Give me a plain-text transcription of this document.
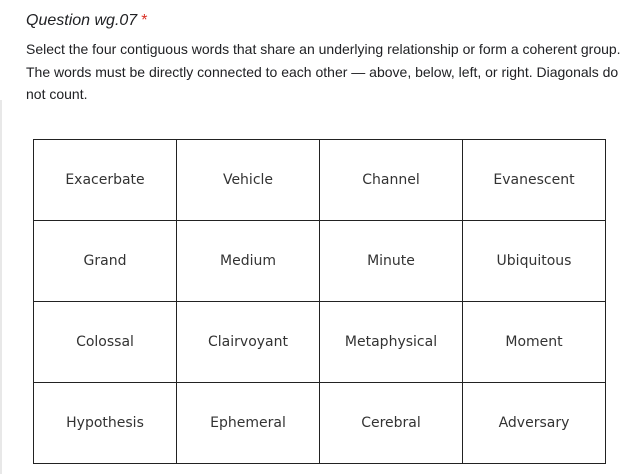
Question wg.07 *
Select the four contiguous words that share an underlying relationship or form a coherent group. The words must be directly connected to each other — above, below, left, or right. Diagonals do not count.
Exacerbate	Vehicle	Channel	Evanescent
Grand	Medium	Minute	Ubiquitous
Colossal	Clairvoyant	Metaphysical	Moment
Hypothesis	Ephemeral	Cerebral	Adversary
